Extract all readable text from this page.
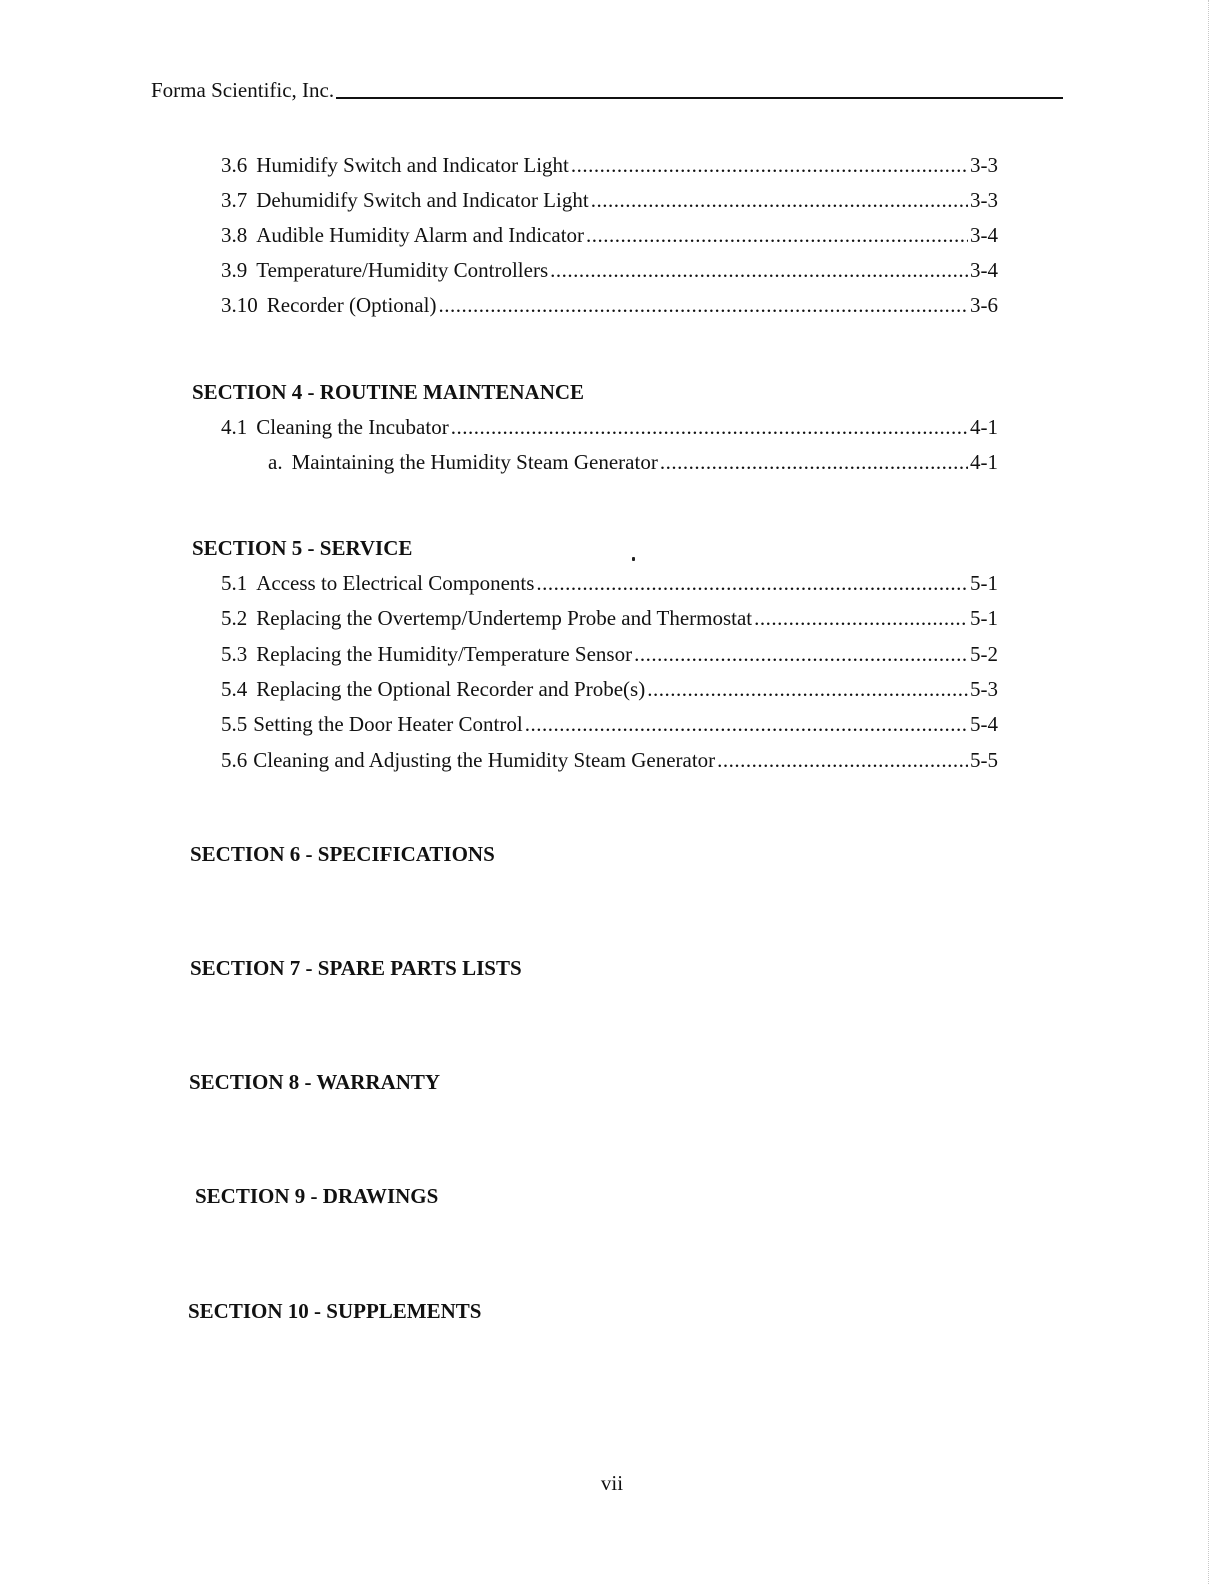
Forma Scientific, Inc.
3.6 Humidify Switch and Indicator Light .....	3-3
3.7 Dehumidify Switch and Indicator Light .....	3-3
3.8 Audible Humidity Alarm and Indicator .....	3-4
3.9 Temperature/Humidity Controllers .....	3-4
3.10 Recorder (Optional) .....	3-6
SECTION 4 - ROUTINE MAINTENANCE
4.1 Cleaning the Incubator .....	4-1
a. Maintaining the Humidity Steam Generator .....	4-1
SECTION 5 - SERVICE
5.1 Access to Electrical Components .....	5-1
5.2 Replacing the Overtemp/Undertemp Probe and Thermostat .....	5-1
5.3 Replacing the Humidity/Temperature Sensor .....	5-2
5.4 Replacing the Optional Recorder and Probe(s) .....	5-3
5.5 Setting the Door Heater Control .....	5-4
5.6 Cleaning and Adjusting the Humidity Steam Generator .....	5-5
SECTION 6 - SPECIFICATIONS
SECTION 7 - SPARE PARTS LISTS
SECTION 8 - WARRANTY
SECTION 9 - DRAWINGS
SECTION 10 - SUPPLEMENTS
vii
